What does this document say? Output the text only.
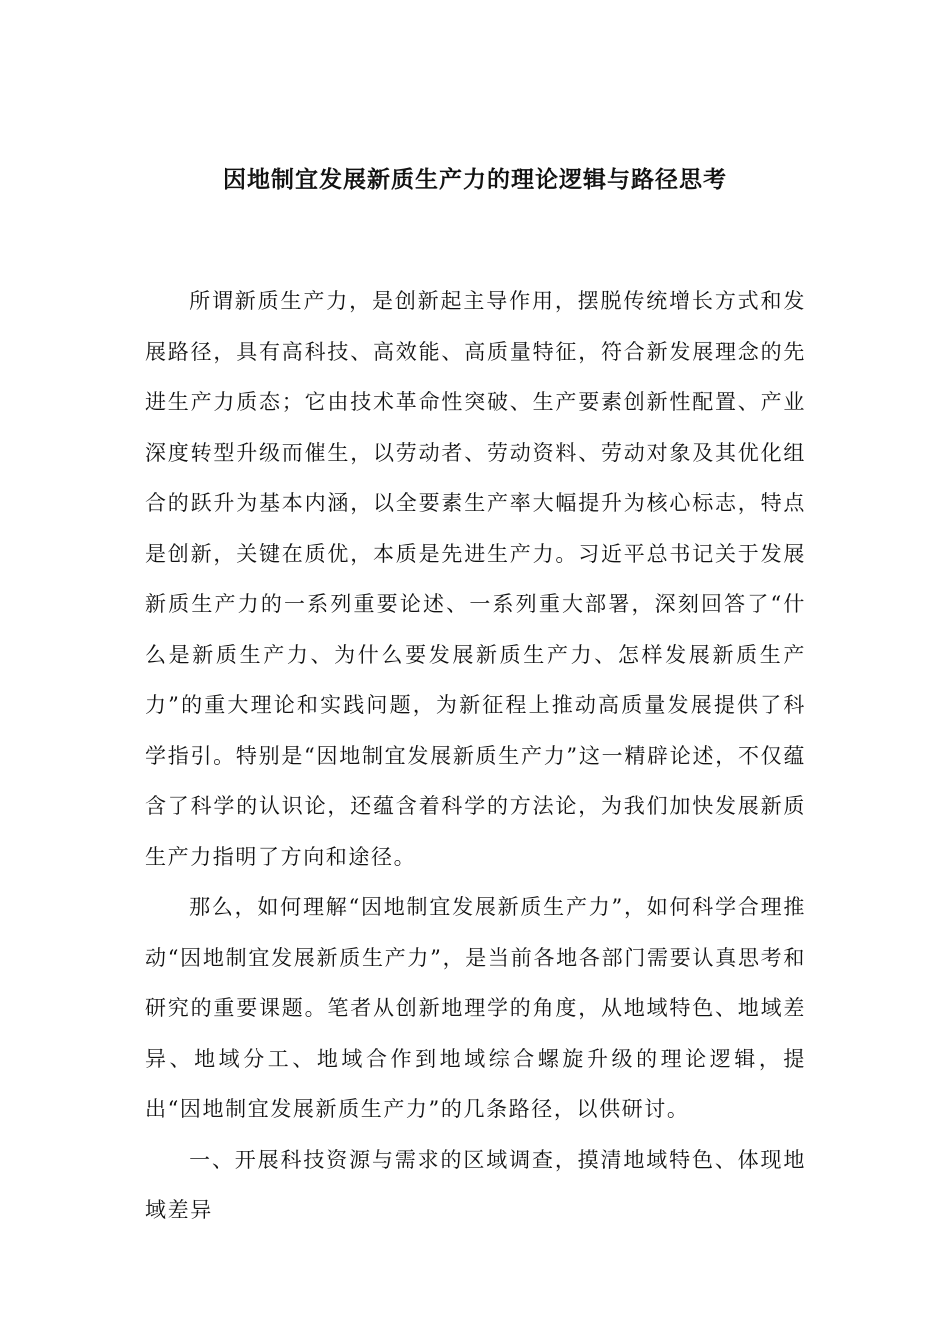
因地制宜发展新质生产力的理论逻辑与路径思考

所谓新质生产力，是创新起主导作用，摆脱传统增长方式和发展路径，具有高科技、高效能、高质量特征，符合新发展理念的先进生产力质态；它由技术革命性突破、生产要素创新性配置、产业深度转型升级而催生，以劳动者、劳动资料、劳动对象及其优化组合的跃升为基本内涵，以全要素生产率大幅提升为核心标志，特点是创新，关键在质优，本质是先进生产力。习近平总书记关于发展新质生产力的一系列重要论述、一系列重大部署，深刻回答了“什么是新质生产力、为什么要发展新质生产力、怎样发展新质生产力”的重大理论和实践问题，为新征程上推动高质量发展提供了科学指引。特别是“因地制宜发展新质生产力”这一精辟论述，不仅蕴含了科学的认识论，还蕴含着科学的方法论，为我们加快发展新质生产力指明了方向和途径。

那么，如何理解“因地制宜发展新质生产力”，如何科学合理推动“因地制宜发展新质生产力”，是当前各地各部门需要认真思考和研究的重要课题。笔者从创新地理学的角度，从地域特色、地域差异、地域分工、地域合作到地域综合螺旋升级的理论逻辑，提出“因地制宜发展新质生产力”的几条路径，以供研讨。

一、开展科技资源与需求的区域调查，摸清地域特色、体现地域差异
